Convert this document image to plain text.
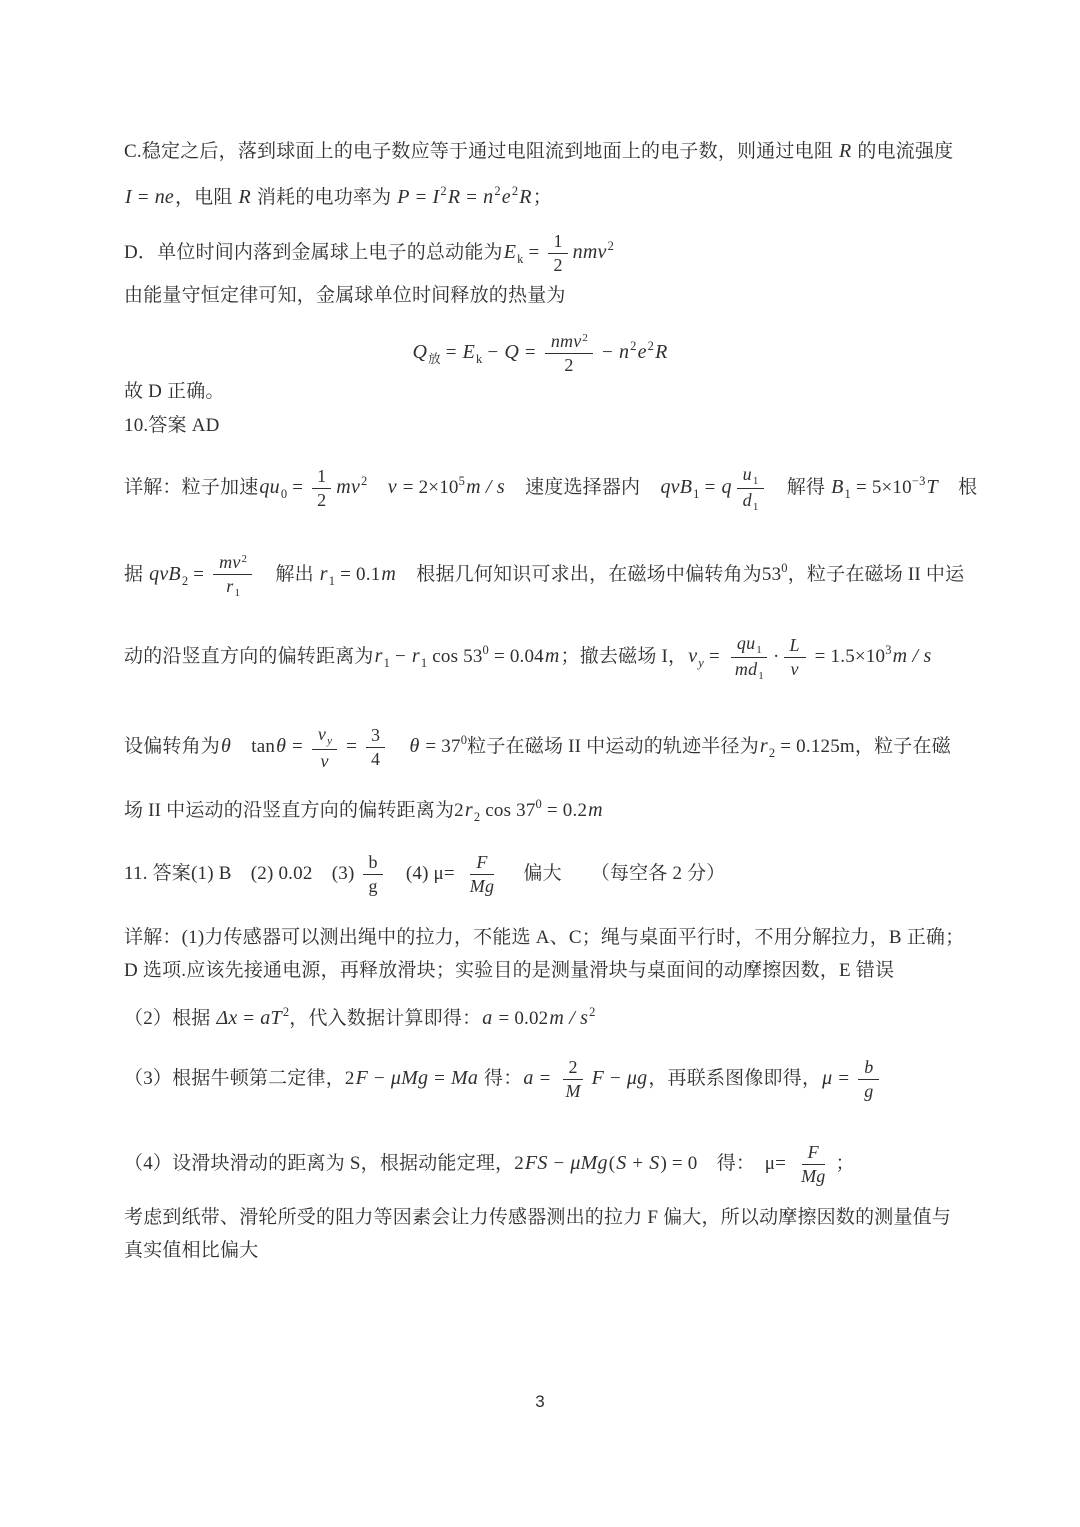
C.稳定之后，落到球面上的电子数应等于通过电阻流到地面上的电子数，则通过电阻 R 的电流强度
I = ne，电阻 R 消耗的电功率为 $P = I^2R = n^2e^2R$；
D．单位时间内落到金属球上电子的总动能为$E_k = \frac{1}{2} nmv^2$
由能量守恒定律可知，金属球单位时间释放的热量为
$Q_放 = E_k - Q = \frac{nmv^2}{2} - n^2e^2R$
故 D 正确。
10.答案 AD
详解：粒子加速$qu_0 = \frac{1}{2} mv^2$　 $v = 2\times 10^5m / s$　速度选择器内　qvB$_1$ = q $\frac{u_1}{d_1}$ 　解得 $B_1 = 5\times 10^{-3}T$　根
据 $qvB_2 = \frac{mv^2}{r_1}$ 　解出 $r_1 = 0.1m$　根据几何知识可求出，在磁场中偏转角为$53^0$，粒子在磁场 II 中运
动的沿竖直方向的偏转距离为$r_1 - r_1$ $\cos 53^0 = 0.04m$；撤去磁场 I，$v_y = \frac{qu_1}{md_1} \cdot \frac{L}{v} = 1.5\times 10^3m / s$
设偏转角为θ　$\tan\theta = \frac{v_y}{v} = \frac{3}{4}$
　 $\theta = 37^0$粒子在磁场 II 中运动的轨迹半径为$r_2 = 0.125m$，粒子在磁
场 II 中运动的沿竖直方向的偏转距离为$2r_2$ $\cos 37^0 = 0.2m$
11. 答案(1) B　(2) 0.02　$(3) \frac{b}{g}$ 　(4) $\mu= \frac{F}{Mg}$ 　偏大　　（每空各 2 分）
详解：(1)力传感器可以测出绳中的拉力，不能选 A、C；绳与桌面平行时，不用分解拉力，B 正确；
D 选项.应该先接通电源，再释放滑块；实验目的是测量滑块与桌面间的动摩擦因数，E 错误
（2）根据 $\Delta x = aT^2$，代入数据计算即得：$a = 0.02m / s^2$
（3）根据牛顿第二定律，2F − μMg = Ma 得：$a = \frac{2}{M}$ F − μg，再联系图像即得，$\mu = \frac{b}{g}$
（4）设滑块滑动的距离为 S，根据动能定理，2FS − μMg(S + S) = 0　得：　$\mu= \frac{F}{Mg}$ ；
考虑到纸带、滑轮所受的阻力等因素会让力传感器测出的拉力 F 偏大，所以动摩擦因数的测量值与
真实值相比偏大
3
